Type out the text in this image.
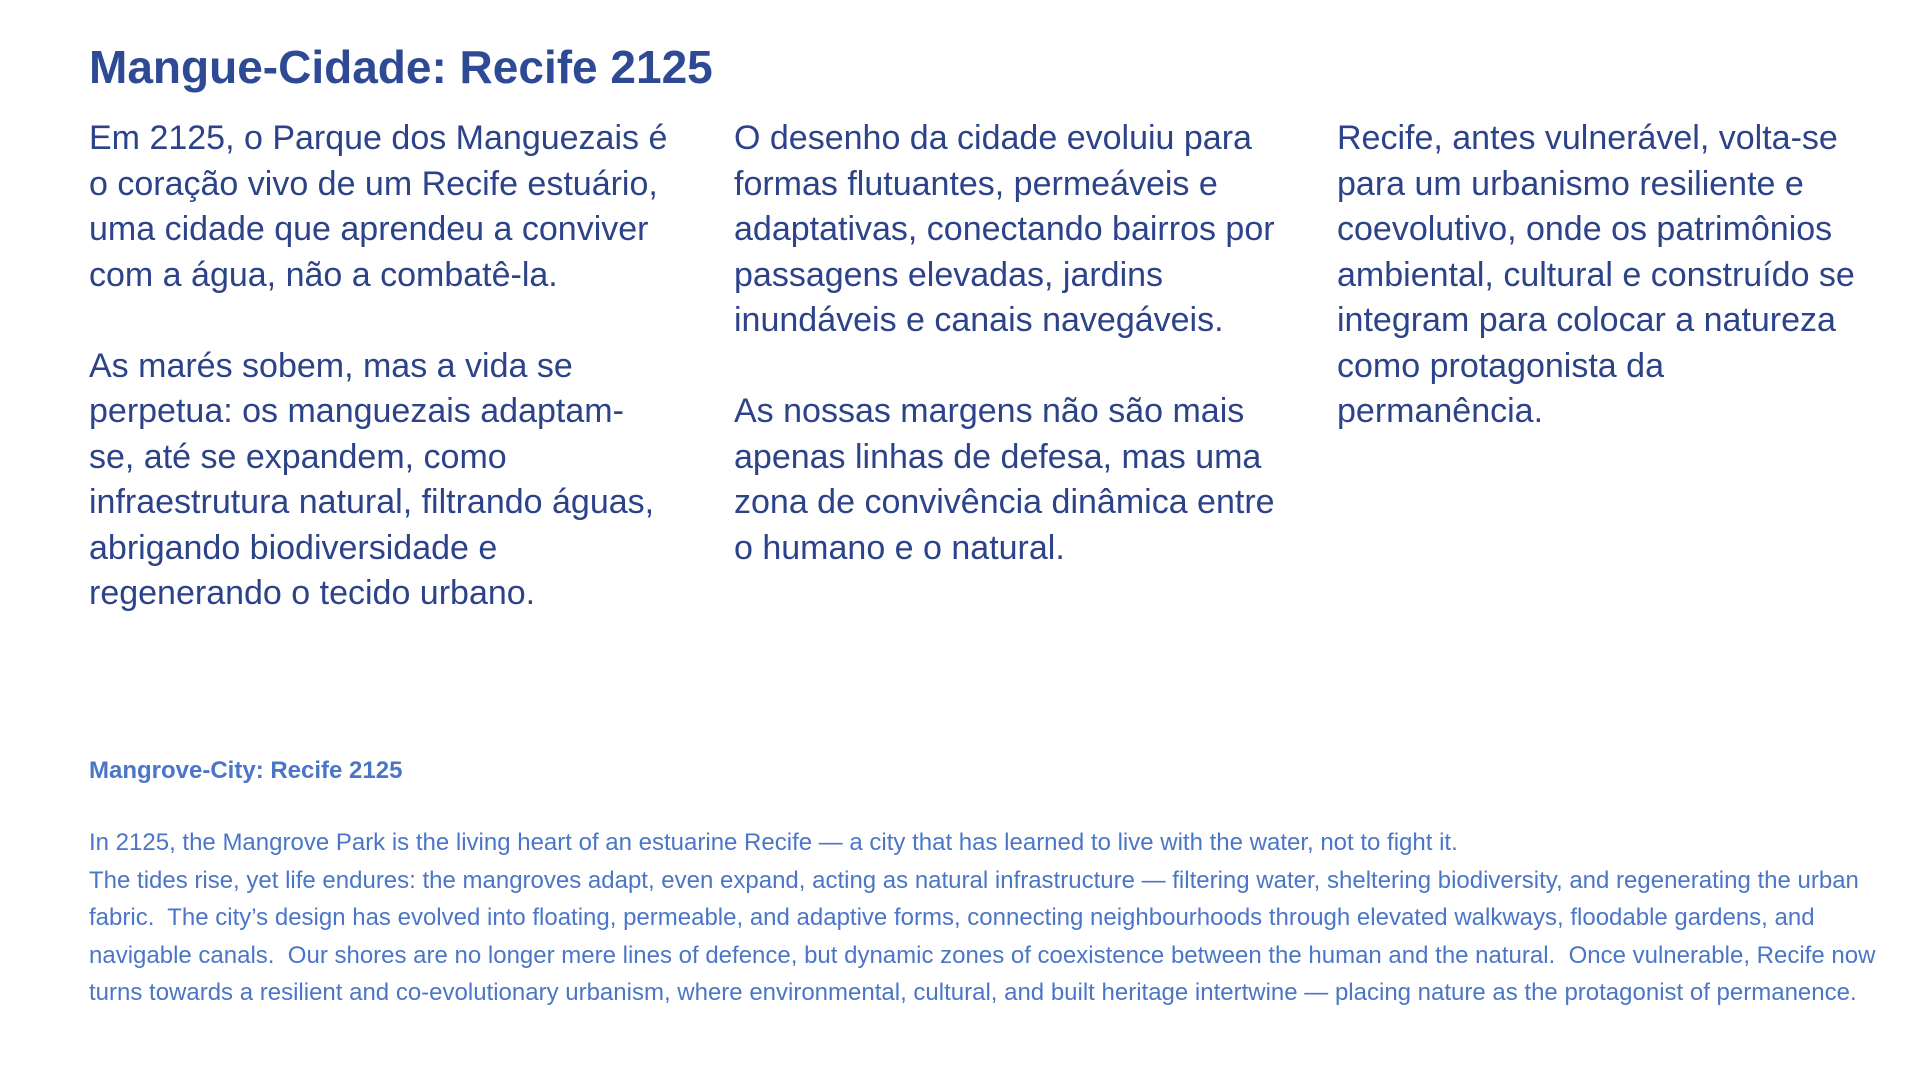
Mangue-Cidade: Recife 2125

Em 2125, o Parque dos Manguezais é o coração vivo de um Recife estuário, uma cidade que aprendeu a conviver com a água, não a combatê-la.

As marés sobem, mas a vida se perpetua: os manguezais adaptam-se, até se expandem, como infraestrutura natural, filtrando águas, abrigando biodiversidade e regenerando o tecido urbano.

O desenho da cidade evoluiu para formas flutuantes, permeáveis e adaptativas, conectando bairros por passagens elevadas, jardins inundáveis e canais navegáveis.

As nossas margens não são mais apenas linhas de defesa, mas uma zona de convivência dinâmica entre o humano e o natural.

Recife, antes vulnerável, volta-se para um urbanismo resiliente e coevolutivo, onde os patrimônios ambiental, cultural e construído se integram para colocar a natureza como protagonista da permanência.

Mangrove-City: Recife 2125

In 2125, the Mangrove Park is the living heart of an estuarine Recife — a city that has learned to live with the water, not to fight it.
The tides rise, yet life endures: the mangroves adapt, even expand, acting as natural infrastructure — filtering water, sheltering biodiversity, and regenerating the urban fabric.  The city’s design has evolved into floating, permeable, and adaptive forms, connecting neighbourhoods through elevated walkways, floodable gardens, and navigable canals.  Our shores are no longer mere lines of defence, but dynamic zones of coexistence between the human and the natural.  Once vulnerable, Recife now turns towards a resilient and co-evolutionary urbanism, where environmental, cultural, and built heritage intertwine — placing nature as the protagonist of permanence.
